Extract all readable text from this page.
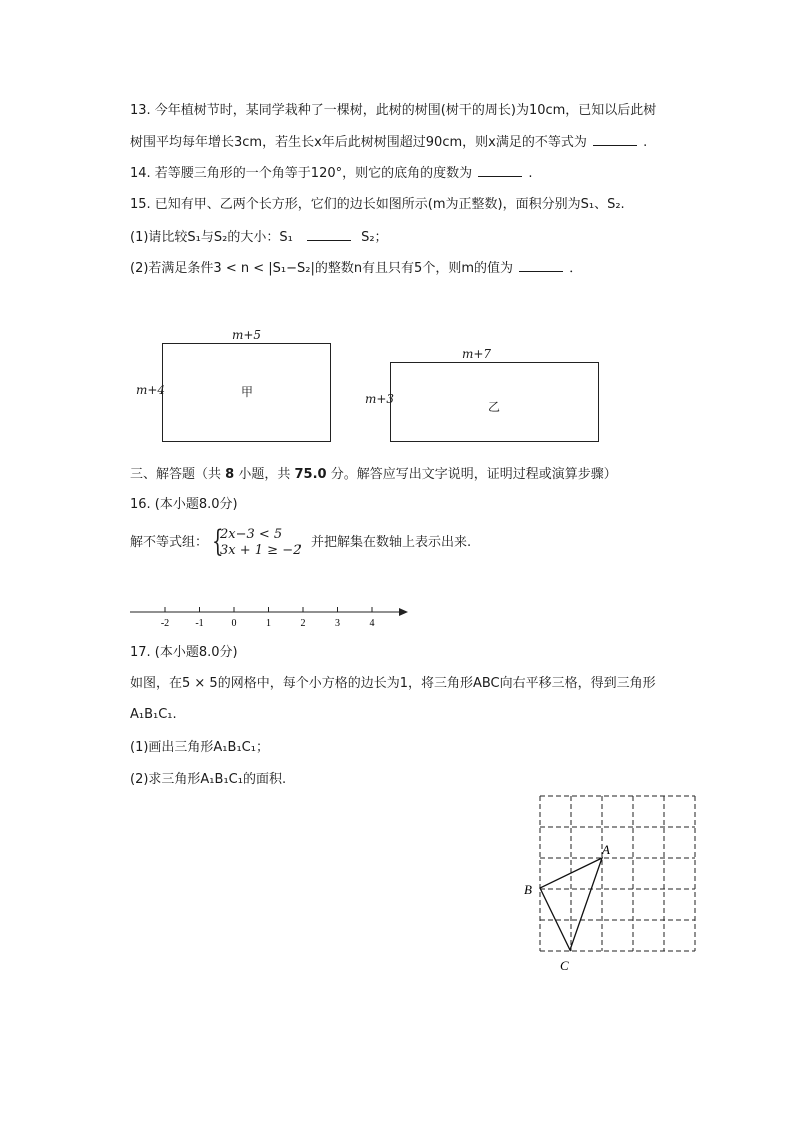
13. 今年植树节时，某同学栽种了一棵树，此树的树围(树干的周长)为10cm，已知以后此树
树围平均每年增长3cm，若生长x年后此树树围超过90cm，则x满足的不等式为	.
14. 若等腰三角形的一个角等于120°，则它的底角的度数为	.
15. 已知有甲、乙两个长方形，它们的边长如图所示(m为正整数)，面积分别为S₁、S₂.
(1)请比较S₁与S₂的大小：S₁	S₂；
(2)若满足条件3 < n < |S₁−S₂|的整数n有且只有5个，则m的值为	．
m+5
m+4	甲
m+7
m+3
乙
三、解答题（共 8 小题，共 75.0 分。解答应写出文字说明，证明过程或演算步骤）
16. (本小题8.0分)
解不等式组： {
2x−3 < 5
3x + 1 ≥ −2
，并把解集在数轴上表示出来.
-2	-1	0	1	2	3	4
17. (本小题8.0分)
如图，在5 × 5的网格中，每个小方格的边长为1，将三角形ABC向右平移三格，得到三角形
A₁B₁C₁.
(1)画出三角形A₁B₁C₁；
(2)求三角形A₁B₁C₁的面积.
A
B
C
